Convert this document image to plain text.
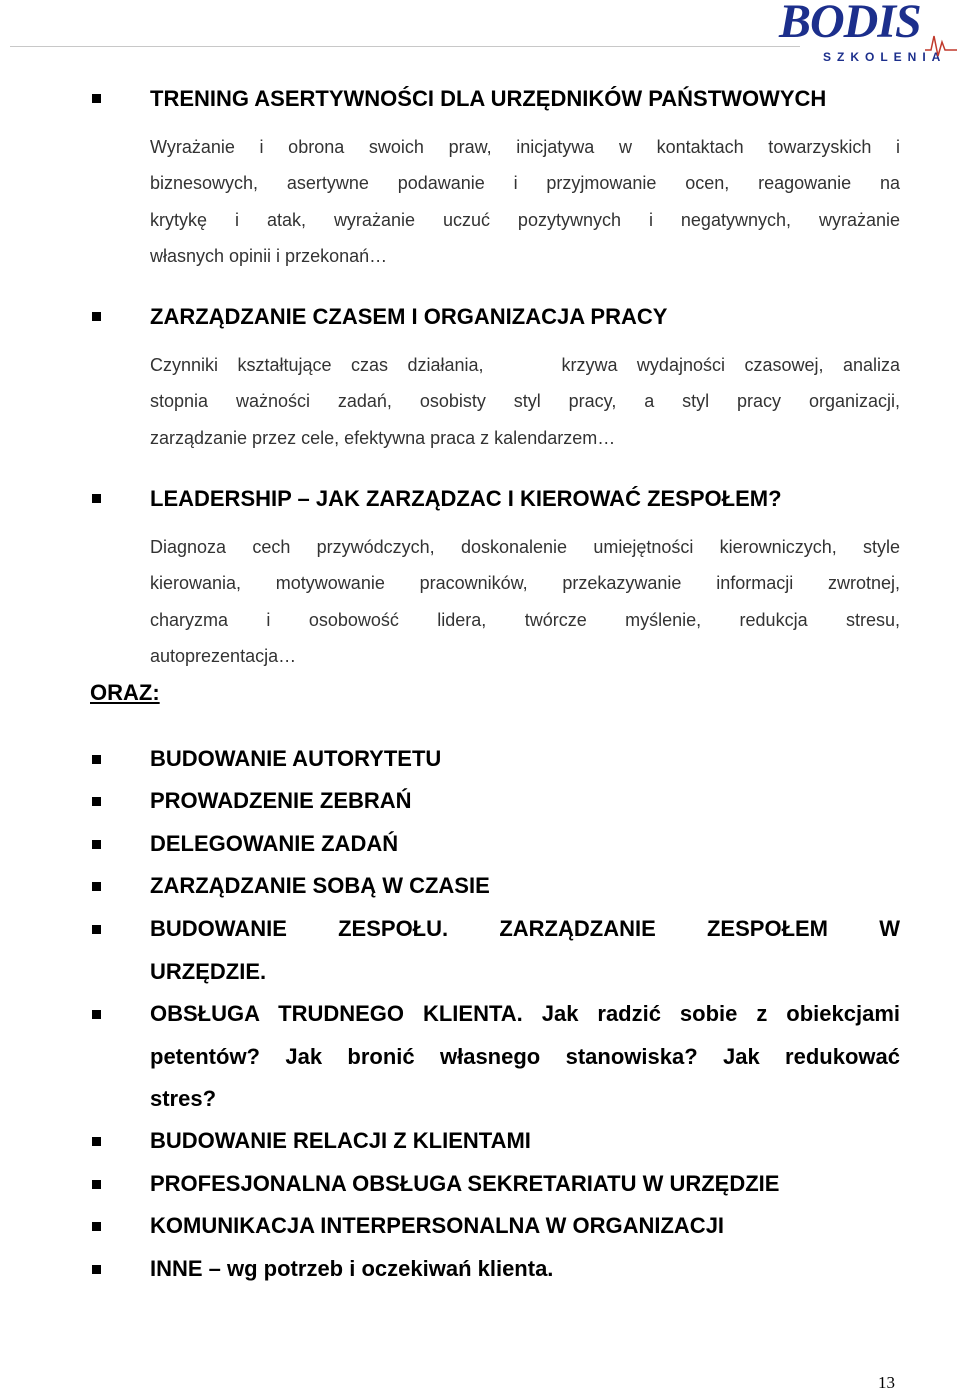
BODIS
SZKOLENIA
TRENING ASERTYWNOŚCI DLA URZĘDNIKÓW PAŃSTWOWYCH
Wyrażanie i obrona swoich praw, inicjatywa w kontaktach towarzyskich i
biznesowych, asertywne podawanie i przyjmowanie ocen, reagowanie na
krytykę i atak, wyrażanie uczuć pozytywnych i negatywnych, wyrażanie
własnych opinii i przekonań…
ZARZĄDZANIE CZASEM I ORGANIZACJA PRACY
Czynniki kształtujące czas działania,    krzywa wydajności czasowej, analiza
stopnia ważności zadań, osobisty styl pracy, a styl pracy organizacji,
zarządzanie przez cele, efektywna praca z kalendarzem…
LEADERSHIP – JAK ZARZĄDZAC I KIEROWAĆ ZESPOŁEM?
Diagnoza cech przywódczych, doskonalenie umiejętności kierowniczych, style
kierowania, motywowanie pracowników, przekazywanie informacji zwrotnej,
charyzma i osobowość lidera, twórcze myślenie, redukcja stresu,
autoprezentacja…
ORAZ:
BUDOWANIE AUTORYTETU
PROWADZENIE ZEBRAŃ
DELEGOWANIE ZADAŃ
ZARZĄDZANIE SOBĄ W CZASIE
BUDOWANIE ZESPOŁU. ZARZĄDZANIE ZESPOŁEM W
URZĘDZIE.
OBSŁUGA TRUDNEGO KLIENTA. Jak radzić sobie z obiekcjami
petentów? Jak bronić własnego stanowiska? Jak redukować
stres?
BUDOWANIE RELACJI Z KLIENTAMI
PROFESJONALNA OBSŁUGA SEKRETARIATU W URZĘDZIE
KOMUNIKACJA INTERPERSONALNA W ORGANIZACJI
INNE – wg potrzeb i oczekiwań klienta.
13
